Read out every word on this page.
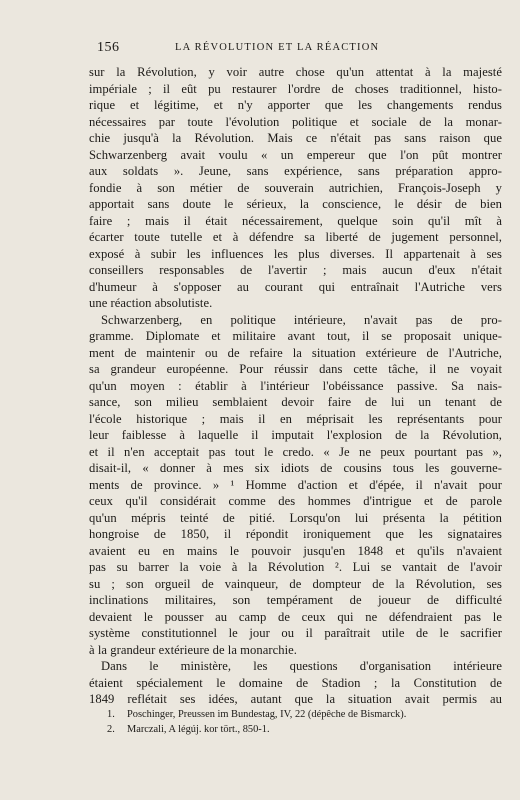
156	LA RÉVOLUTION ET LA RÉACTION
sur la Révolution, y voir autre chose qu'un attentat à la majesté
impériale ; il eût pu restaurer l'ordre de choses traditionnel, histo-
rique et légitime, et n'y apporter que les changements rendus
nécessaires par toute l'évolution politique et sociale de la monar-
chie jusqu'à la Révolution. Mais ce n'était pas sans raison que
Schwarzenberg avait voulu « un empereur que l'on pût montrer
aux soldats ». Jeune, sans expérience, sans préparation appro-
fondie à son métier de souverain autrichien, François-Joseph y
apportait sans doute le sérieux, la conscience, le désir de bien
faire ; mais il était nécessairement, quelque soin qu'il mît à
écarter toute tutelle et à défendre sa liberté de jugement personnel,
exposé à subir les influences les plus diverses. Il appartenait à ses
conseillers responsables de l'avertir ; mais aucun d'eux n'était
d'humeur à s'opposer au courant qui entraînait l'Autriche vers
une réaction absolutiste.
Schwarzenberg, en politique intérieure, n'avait pas de pro-
gramme. Diplomate et militaire avant tout, il se proposait unique-
ment de maintenir ou de refaire la situation extérieure de l'Autriche,
sa grandeur européenne. Pour réussir dans cette tâche, il ne voyait
qu'un moyen : établir à l'intérieur l'obéissance passive. Sa nais-
sance, son milieu semblaient devoir faire de lui un tenant de
l'école historique ; mais il en méprisait les représentants pour
leur faiblesse à laquelle il imputait l'explosion de la Révolution,
et il n'en acceptait pas tout le credo. « Je ne peux pourtant pas »,
disait-il, « donner à mes six idiots de cousins tous les gouverne-
ments de province. » ¹ Homme d'action et d'épée, il n'avait pour
ceux qu'il considérait comme des hommes d'intrigue et de parole
qu'un mépris teinté de pitié. Lorsqu'on lui présenta la pétition
hongroise de 1850, il répondit ironiquement que les signataires
avaient eu en mains le pouvoir jusqu'en 1848 et qu'ils n'avaient
pas su barrer la voie à la Révolution ². Lui se vantait de l'avoir
su ; son orgueil de vainqueur, de dompteur de la Révolution, ses
inclinations militaires, son tempérament de joueur de difficulté
devaient le pousser au camp de ceux qui ne défendraient pas le
système constitutionnel le jour ou il paraîtrait utile de le sacrifier
à la grandeur extérieure de la monarchie.
Dans le ministère, les questions d'organisation intérieure
étaient spécialement le domaine de Stadion ; la Constitution de
1849 reflétait ses idées, autant que la situation avait permis au
1. Poschinger, Preussen im Bundestag, IV, 22 (dépêche de Bismarck).
2. Marczali, A légúj. kor tört., 850-1.
